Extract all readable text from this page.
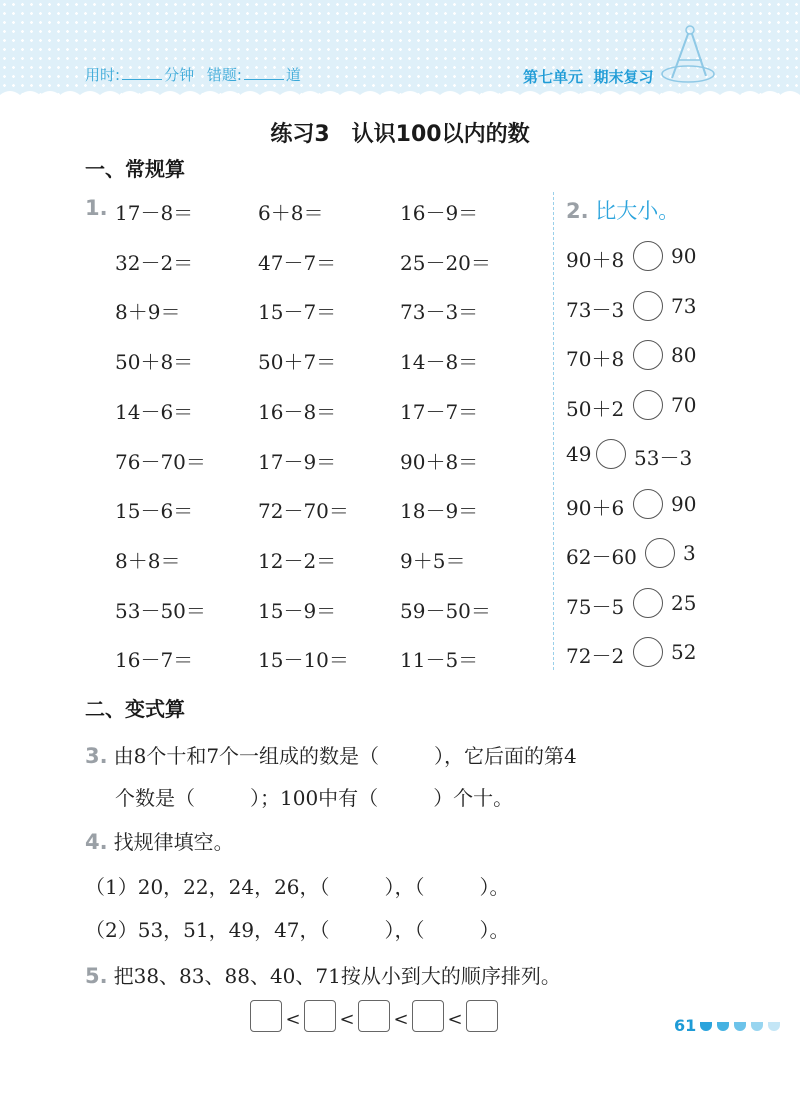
用时:	分钟 错题:	道	第七单元 期末复习
练习3　认识100以内的数
一、常规算
1. 17－8＝	6＋8＝	16－9＝
32－2＝	47－7＝	25－20＝
8＋9＝	15－7＝	73－3＝
50＋8＝	50＋7＝	14－8＝
14－6＝	16－8＝	17－7＝
76－70＝	17－9＝	90＋8＝
15－6＝	72－70＝	18－9＝
8＋8＝	12－2＝	9＋5＝
53－50＝	15－9＝	59－50＝
16－7＝	15－10＝	11－5＝
2. 比大小。
90＋8 90
73－3 73
70＋8 80
50＋2 70
49 53－3
90＋6 90
62－60 3
75－5 25
72－2 52
二、变式算
3. 由8个十和7个一组成的数是（	），它后面的第4
个数是（	）；100中有（	）个十。
4. 找规律填空。
（1）20，22，24，26，（	），（	）。
（2）53，51，49，47，（	），（	）。
5. 把38、83、88、40、71按从小到大的顺序排列。
< < < <	61
